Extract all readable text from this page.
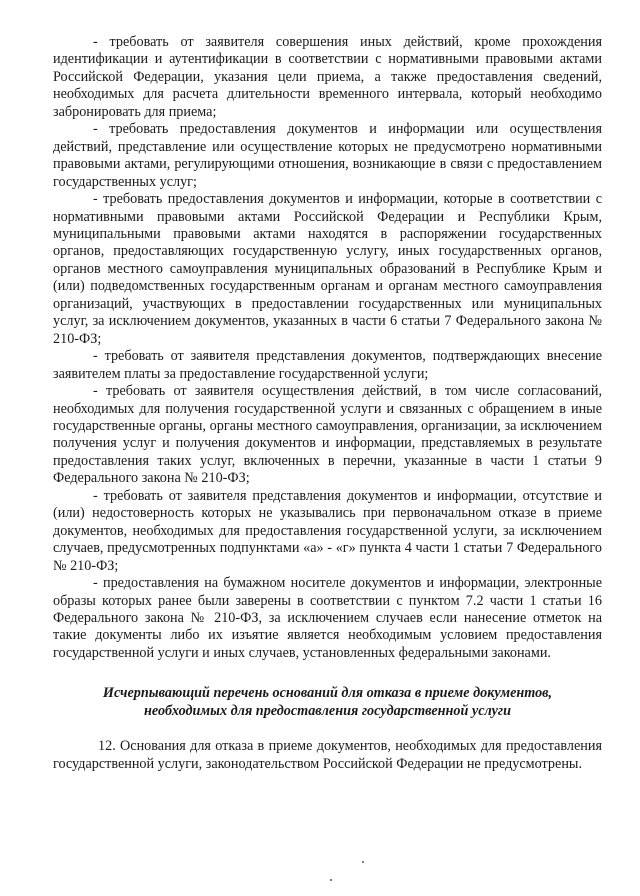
- требовать от заявителя совершения иных действий, кроме прохождения идентификации и аутентификации в соответствии с нормативными правовыми актами Российской Федерации, указания цели приема, а также предоставления сведений, необходимых для расчета длительности временного интервала, который необходимо забронировать для приема;

- требовать предоставления документов и информации или осуществления действий, представление или осуществление которых не предусмотрено нормативными правовыми актами, регулирующими отношения, возникающие в связи с предоставлением государственных услуг;

- требовать предоставления документов и информации, которые в соответствии с нормативными правовыми актами Российской Федерации и Республики Крым, муниципальными правовыми актами находятся в распоряжении государственных органов, предоставляющих государственную услугу, иных государственных органов, органов местного самоуправления муниципальных образований в Республике Крым и (или) подведомственных государственным органам и органам местного самоуправления организаций, участвующих в предоставлении государственных или муниципальных услуг, за исключением документов, указанных в части 6 статьи 7 Федерального закона № 210-ФЗ;

- требовать от заявителя представления документов, подтверждающих внесение заявителем платы за предоставление государственной услуги;

- требовать от заявителя осуществления действий, в том числе согласований, необходимых для получения государственной услуги и связанных с обращением в иные государственные органы, органы местного самоуправления, организации, за исключением получения услуг и получения документов и информации, представляемых в результате предоставления таких услуг, включенных в перечни, указанные в части 1 статьи 9 Федерального закона № 210-ФЗ;

- требовать от заявителя представления документов и информации, отсутствие и (или) недостоверность которых не указывались при первоначальном отказе в приеме документов, необходимых для предоставления государственной услуги, за исключением случаев, предусмотренных подпунктами «а» - «г» пункта 4 части 1 статьи 7 Федерального № 210-ФЗ;

- предоставления на бумажном носителе документов и информации, электронные образы которых ранее были заверены в соответствии с пунктом 7.2 части 1 статьи 16 Федерального закона № 210-ФЗ, за исключением случаев если нанесение отметок на такие документы либо их изъятие является необходимым условием предоставления государственной услуги и иных случаев, установленных федеральными законами.

Исчерпывающий перечень оснований для отказа в приеме документов,
необходимых для предоставления государственной услуги

12. Основания для отказа в приеме документов, необходимых для предоставления государственной услуги, законодательством Российской Федерации не предусмотрены.
